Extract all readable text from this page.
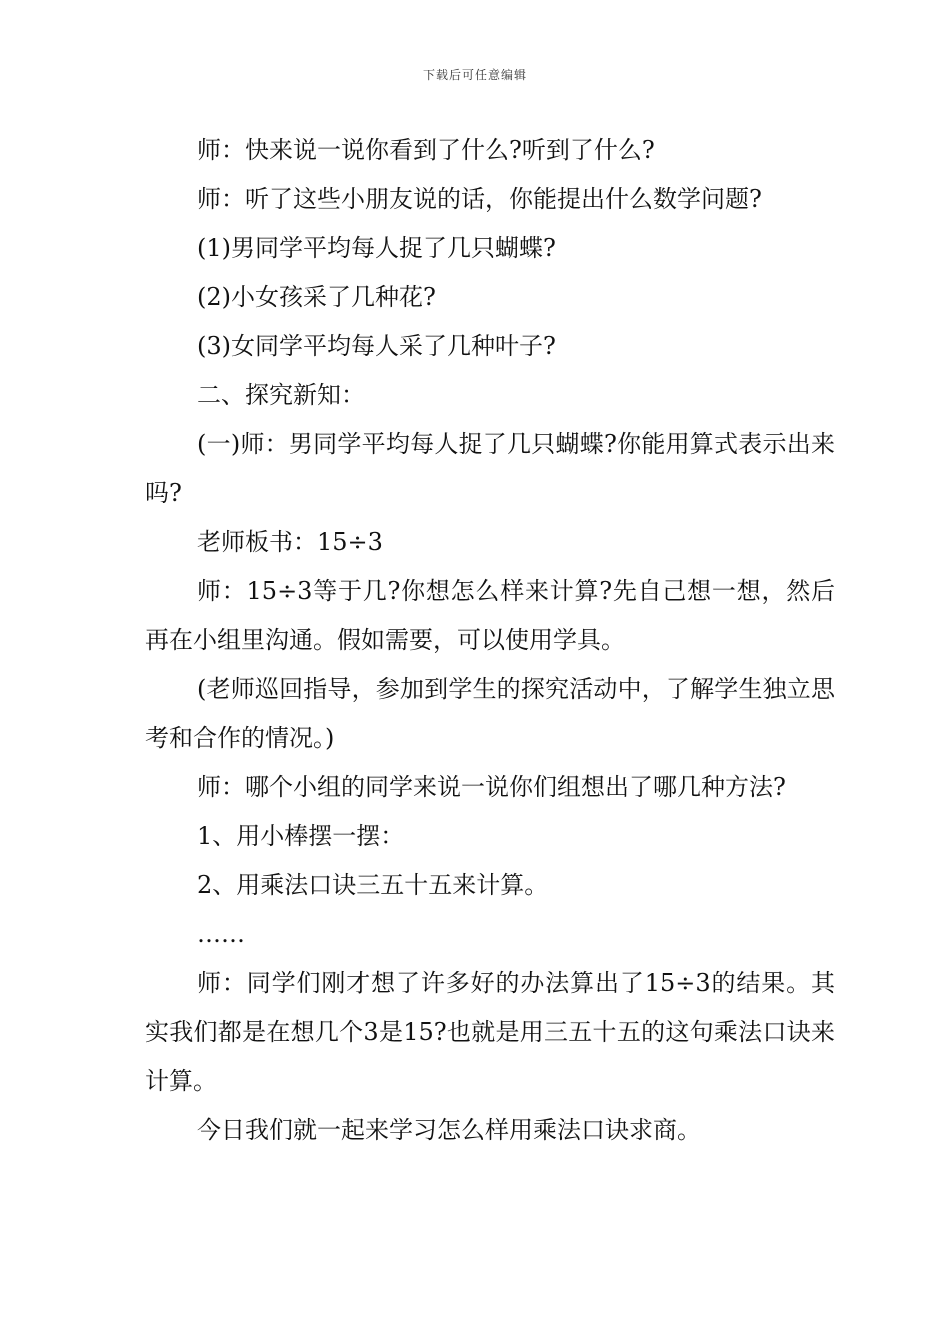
下载后可任意编辑

师：快来说一说你看到了什么?听到了什么?

师：听了这些小朋友说的话，你能提出什么数学问题?

(1)男同学平均每人捉了几只蝴蝶?

(2)小女孩采了几种花?

(3)女同学平均每人采了几种叶子?

二、探究新知：

(一)师：男同学平均每人捉了几只蝴蝶?你能用算式表示出来吗?

老师板书：15÷3

师：15÷3等于几?你想怎么样来计算?先自己想一想，然后再在小组里沟通。假如需要，可以使用学具。

(老师巡回指导，参加到学生的探究活动中，了解学生独立思考和合作的情况。)

师：哪个小组的同学来说一说你们组想出了哪几种方法?

1、用小棒摆一摆：

2、用乘法口诀三五十五来计算。

……

师：同学们刚才想了许多好的办法算出了15÷3的结果。其实我们都是在想几个3是15?也就是用三五十五的这句乘法口诀来计算。

今日我们就一起来学习怎么样用乘法口诀求商。
